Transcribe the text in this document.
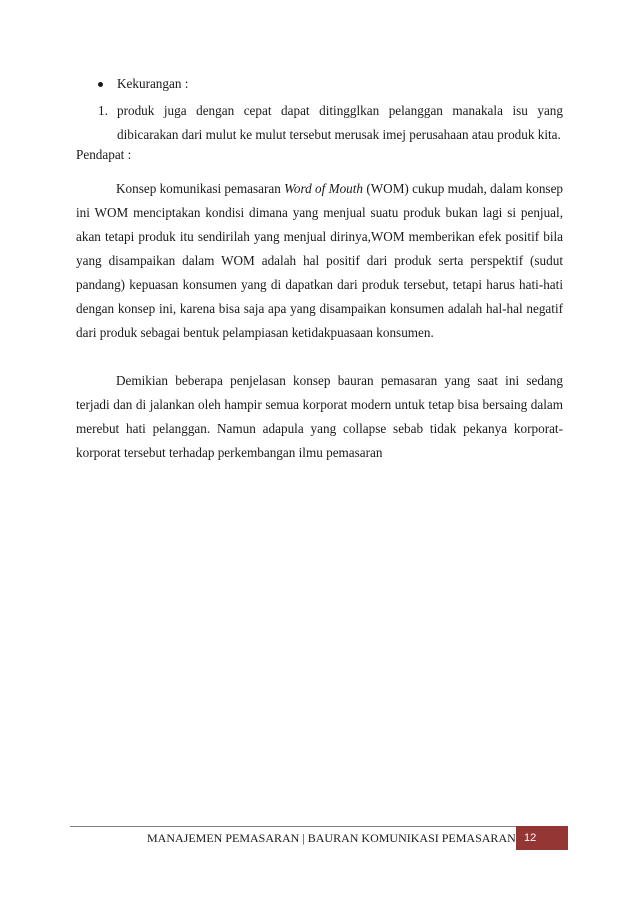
Kekurangan :
1. produk juga dengan cepat dapat ditingglkan pelanggan manakala isu yang dibicarakan dari mulut ke mulut tersebut merusak imej perusahaan atau produk kita.
Pendapat :

Konsep komunikasi pemasaran Word of Mouth (WOM) cukup mudah, dalam konsep ini WOM menciptakan kondisi dimana yang menjual suatu produk bukan lagi si penjual, akan tetapi produk itu sendirilah yang menjual dirinya,WOM memberikan efek positif bila yang disampaikan dalam WOM adalah hal positif dari produk serta perspektif (sudut pandang) kepuasan konsumen yang di dapatkan dari produk tersebut, tetapi harus hati-hati dengan konsep ini, karena bisa saja apa yang disampaikan konsumen adalah hal-hal negatif dari produk sebagai bentuk pelampiasan ketidakpuasaan konsumen.

Demikian beberapa penjelasan konsep bauran pemasaran yang saat ini sedang terjadi dan di jalankan oleh hampir semua korporat modern untuk tetap bisa bersaing dalam merebut hati pelanggan. Namun adapula yang collapse sebab tidak pekanya korporat-korporat tersebut terhadap perkembangan ilmu pemasaran

MANAJEMEN PEMASARAN | BAURAN KOMUNIKASI PEMASARAN 12
